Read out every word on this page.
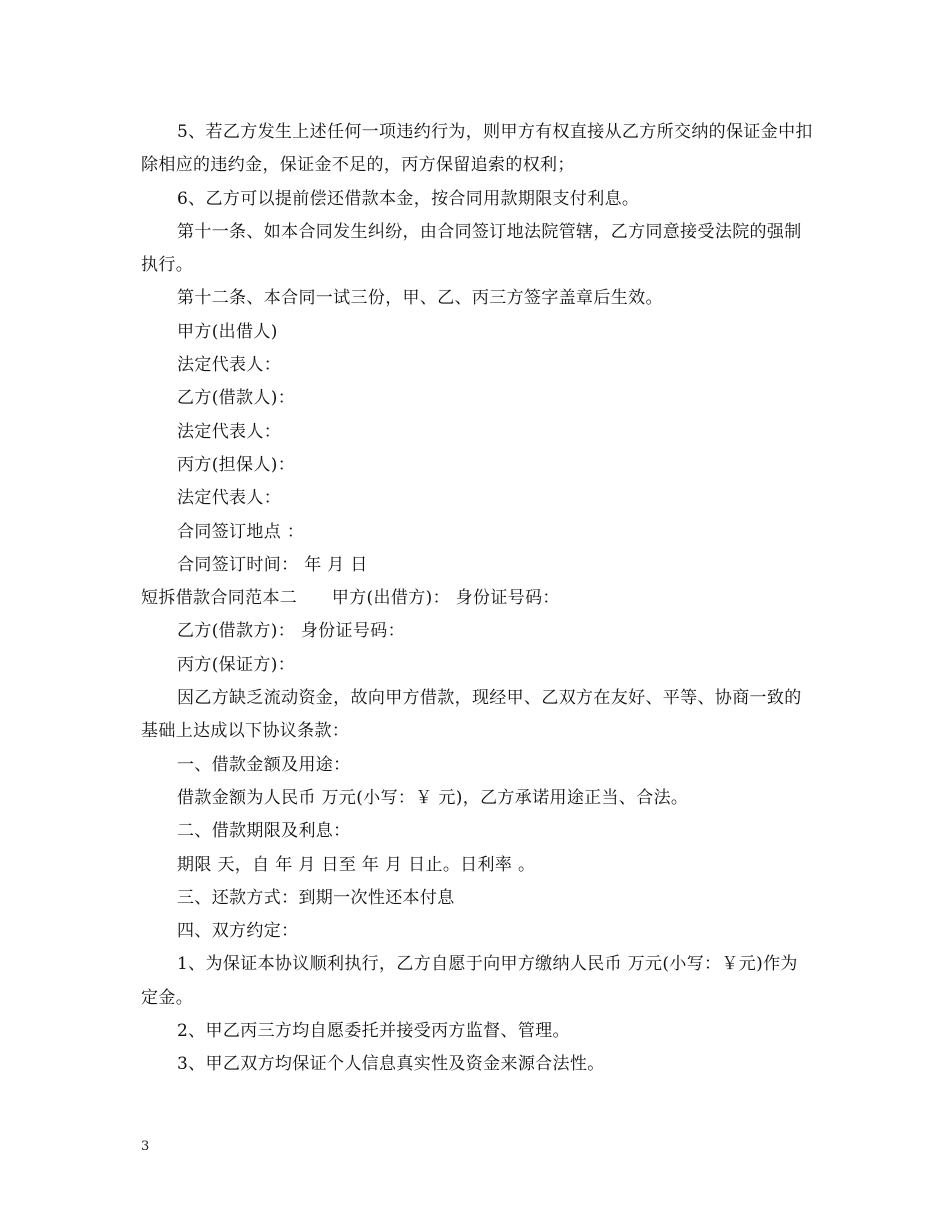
5、若乙方发生上述任何一项违约行为，则甲方有权直接从乙方所交纳的保证金中扣除相应的违约金，保证金不足的，丙方保留追索的权利；

6、乙方可以提前偿还借款本金，按合同用款期限支付利息。

第十一条、如本合同发生纠纷，由合同签订地法院管辖，乙方同意接受法院的强制执行。

第十二条、本合同一试三份，甲、乙、丙三方签字盖章后生效。

甲方(出借人)

法定代表人：

乙方(借款人)：

法定代表人：

丙方(担保人)：

法定代表人：

合同签订地点 ：

合同签订时间： 年 月 日

短拆借款合同范本二　　甲方(出借方)： 身份证号码：

乙方(借款方)： 身份证号码：

丙方(保证方)：

因乙方缺乏流动资金，故向甲方借款，现经甲、乙双方在友好、平等、协商一致的基础上达成以下协议条款：

一、借款金额及用途：

借款金额为人民币 万元(小写：￥ 元)，乙方承诺用途正当、合法。

二、借款期限及利息：

期限 天，自 年 月 日至 年 月 日止。日利率 。

三、还款方式：到期一次性还本付息

四、双方约定：

1、为保证本协议顺利执行，乙方自愿于向甲方缴纳人民币 万元(小写：￥元)作为定金。

2、甲乙丙三方均自愿委托并接受丙方监督、管理。

3、甲乙双方均保证个人信息真实性及资金来源合法性。

3
